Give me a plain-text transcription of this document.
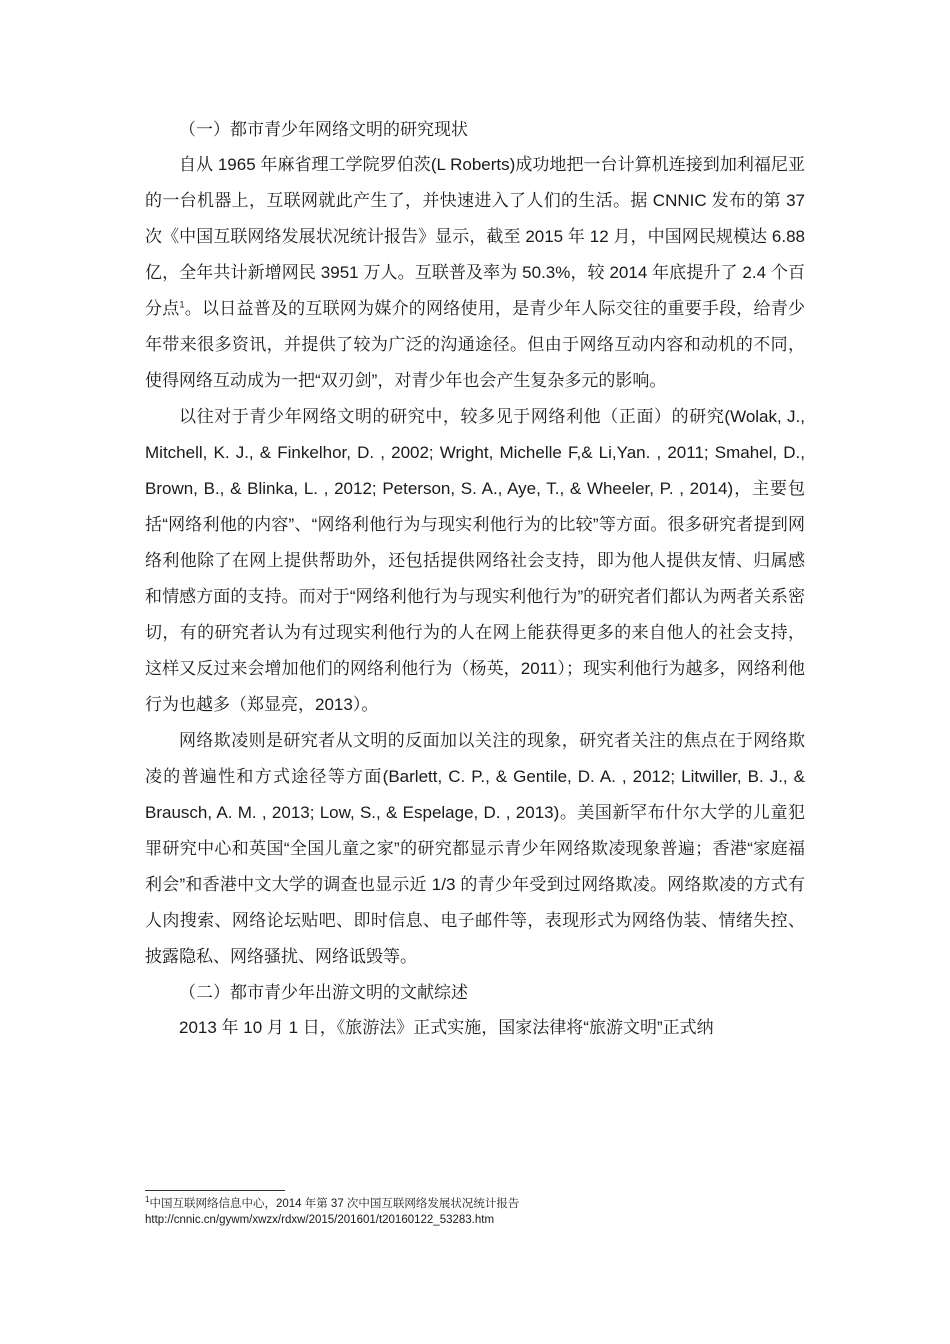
（一）都市青少年网络文明的研究现状

自从 1965 年麻省理工学院罗伯茨(L Roberts)成功地把一台计算机连接到加利福尼亚的一台机器上，互联网就此产生了，并快速进入了人们的生活。据 CNNIC 发布的第 37 次《中国互联网络发展状况统计报告》显示，截至 2015 年 12 月，中国网民规模达 6.88 亿，全年共计新增网民 3951 万人。互联普及率为 50.3%，较 2014 年底提升了 2.4 个百分点$^1$。以日益普及的互联网为媒介的网络使用，是青少年人际交往的重要手段，给青少年带来很多资讯，并提供了较为广泛的沟通途径。但由于网络互动内容和动机的不同，使得网络互动成为一把“双刃剑”，对青少年也会产生复杂多元的影响。

以往对于青少年网络文明的研究中，较多见于网络利他（正面）的研究(Wolak, J., Mitchell, K. J., & Finkelhor, D. , 2002; Wright, Michelle F,& Li,Yan. , 2011; Smahel, D., Brown, B., & Blinka, L. , 2012; Peterson, S. A., Aye, T., & Wheeler, P. , 2014)，主要包括“网络利他的内容”、“网络利他行为与现实利他行为的比较”等方面。很多研究者提到网络利他除了在网上提供帮助外，还包括提供网络社会支持，即为他人提供友情、归属感和情感方面的支持。而对于“网络利他行为与现实利他行为”的研究者们都认为两者关系密切，有的研究者认为有过现实利他行为的人在网上能获得更多的来自他人的社会支持，这样又反过来会增加他们的网络利他行为（杨英，2011）；现实利他行为越多，网络利他行为也越多（郑显亮，2013）。

网络欺凌则是研究者从文明的反面加以关注的现象，研究者关注的焦点在于网络欺凌的普遍性和方式途径等方面(Barlett, C. P., & Gentile, D. A. , 2012; Litwiller, B. J., & Brausch, A. M. , 2013; Low, S., & Espelage, D. , 2013)。美国新罕布什尔大学的儿童犯罪研究中心和英国“全国儿童之家”的研究都显示青少年网络欺凌现象普遍；香港“家庭福利会”和香港中文大学的调查也显示近 1/3 的青少年受到过网络欺凌。网络欺凌的方式有人肉搜索、网络论坛贴吧、即时信息、电子邮件等，表现形式为网络伪装、情绪失控、披露隐私、网络骚扰、网络诋毁等。

（二）都市青少年出游文明的文献综述

2013 年 10 月 1 日，《旅游法》正式实施，国家法律将“旅游文明”正式纳

$^1$中国互联网络信息中心，2014 年第 37 次中国互联网络发展状况统计报告 http://cnnic.cn/gywm/xwzx/rdxw/2015/201601/t20160122_53283.htm
